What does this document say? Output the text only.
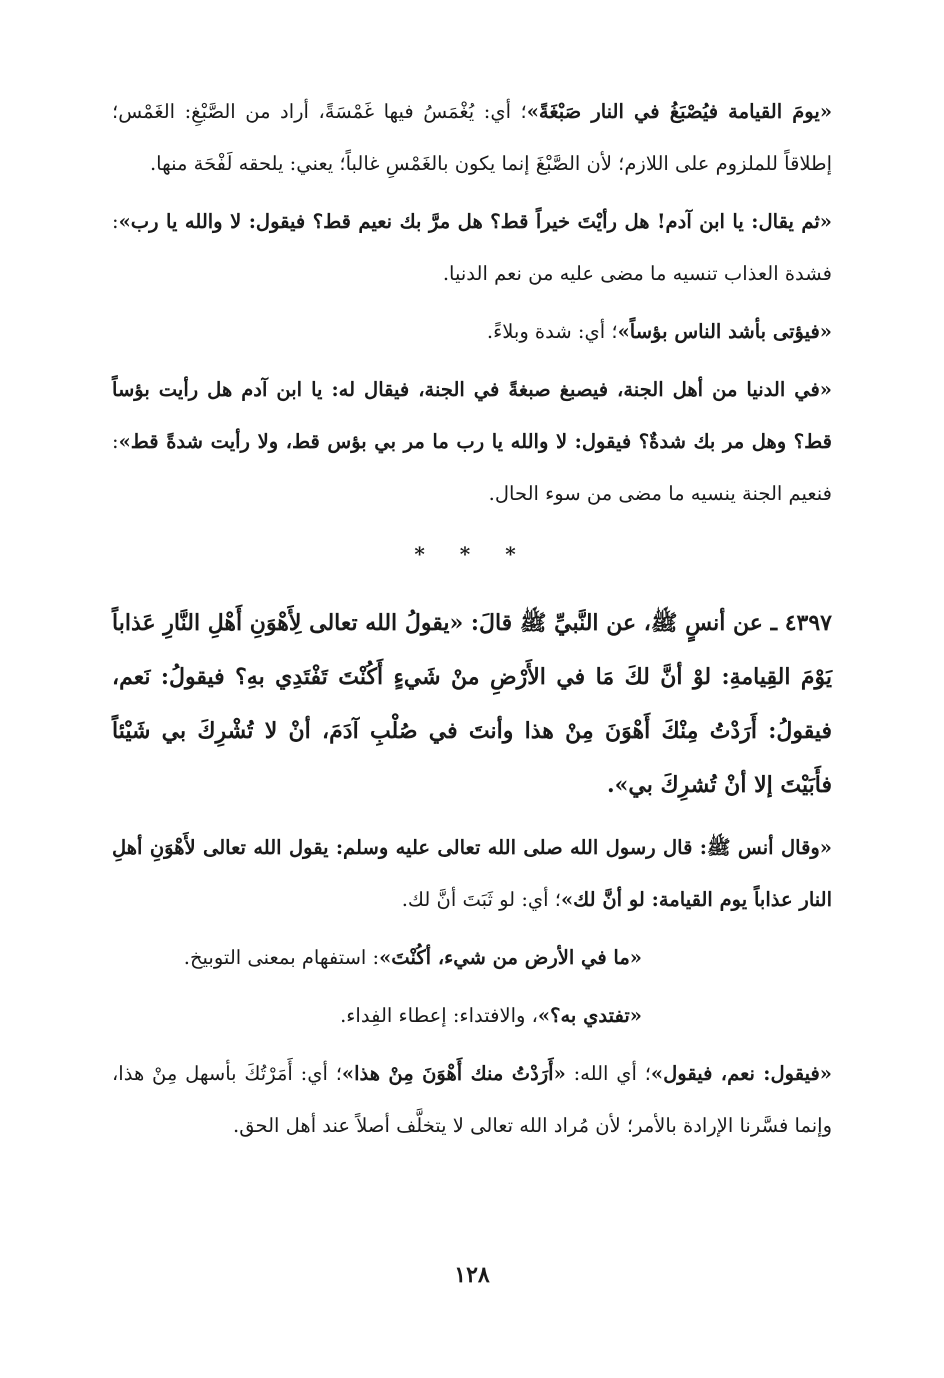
«يومَ القيامة فيُصْبَغُ في النار صَبْغَةً»؛ أي: يُغْمَسُ فيها غَمْسَةً، أراد من الصَّبْغِ: الغَمْس؛ إطلاقاً للملزوم على اللازم؛ لأن الصَّبْغَ إنما يكون بالغَمْسِ غالباً؛ يعني: يلحقه لَفْحَة منها.

«ثم يقال: يا ابن آدم! هل رأيْتَ خيراً قط؟ هل مرَّ بك نعيم قط؟ فيقول: لا والله يا رب»: فشدة العذاب تنسيه ما مضى عليه من نعم الدنيا.

«فيؤتى بأشد الناس بؤساً»؛ أي: شدة وبلاءً.

«في الدنيا من أهل الجنة، فيصبغ صبغةً في الجنة، فيقال له: يا ابن آدم هل رأيت بؤساً قط؟ وهل مر بك شدةٌ؟ فيقول: لا والله يا رب ما مر بي بؤس قط، ولا رأيت شدةً قط»: فنعيم الجنة ينسيه ما مضى من سوء الحال.

* * *

٤٣٩٧ ـ عن أنسٍ ﷺ، عن النَّبيِّ ﷺ قالَ: «يقولُ الله تعالى لِأَهْوَنِ أَهْلِ النَّارِ عَذاباً يَوْمَ القِيامةِ: لوْ أنَّ لكَ مَا في الأَرْضِ منْ شَيءٍ أَكُنْتَ تَفْتَدِي بهِ؟ فيقولُ: نَعم، فيقولُ: أَرَدْتُ مِنْكَ أَهْوَنَ مِنْ هذا وأنتَ في صُلْبِ آدَمَ، أنْ لا تُشْرِكَ بي شَيْئاً فأَبَيْتَ إلا أنْ تُشرِكَ بي».

«وقال أنس ﷺ: قال رسول الله صلى الله تعالى عليه وسلم: يقول الله تعالى لأَهْوَنِ أهلِ النار عذاباً يوم القيامة: لو أنَّ لك»؛ أي: لو ثَبَتَ أنَّ لك.

«ما في الأرض من شيء، أكُنْتَ»: استفهام بمعنى التوبيخ.

«تفتدي به؟»، والافتداء: إعطاء الفِداء.

«فيقول: نعم، فيقول»؛ أي الله: «أَرَدْتُ منك أَهْوَنَ مِنْ هذا»؛ أي: أَمَرْتُكَ بأسهل مِنْ هذا، وإنما فسَّرنا الإرادة بالأمر؛ لأن مُراد الله تعالى لا يتخلَّف أصلاً عند أهل الحق.

١٢٨
